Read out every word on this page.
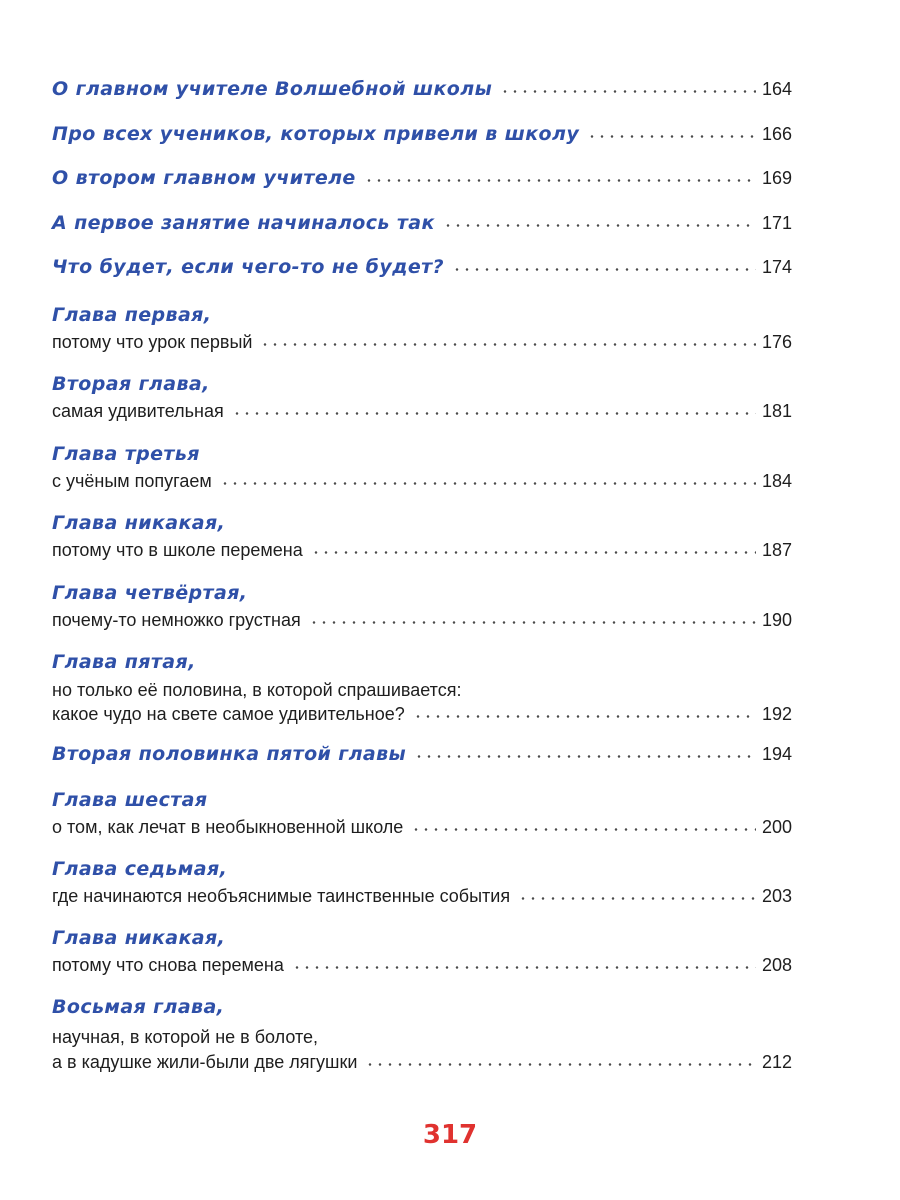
О главном учителе Волшебной школы	164
Про всех учеников, которых привели в школу	166
О втором главном учителе	169
А первое занятие начиналось так	171
Что будет, если чего-то не будет?	174
Глава первая,
потому что урок первый	176
Вторая глава,
самая удивительная	181
Глава третья
с учёным попугаем	184
Глава никакая,
потому что в школе перемена	187
Глава четвёртая,
почему-то немножко грустная	190
Глава пятая,
но только её половина, в которой спрашивается:
какое чудо на свете самое удивительное?	192
Вторая половинка пятой главы	194
Глава шестая
о том, как лечат в необыкновенной школе	200
Глава седьмая,
где начинаются необъяснимые таинственные события	203
Глава никакая,
потому что снова перемена	208
Восьмая глава,
научная, в которой не в болоте,
а в кадушке жили-были две лягушки	212
317
